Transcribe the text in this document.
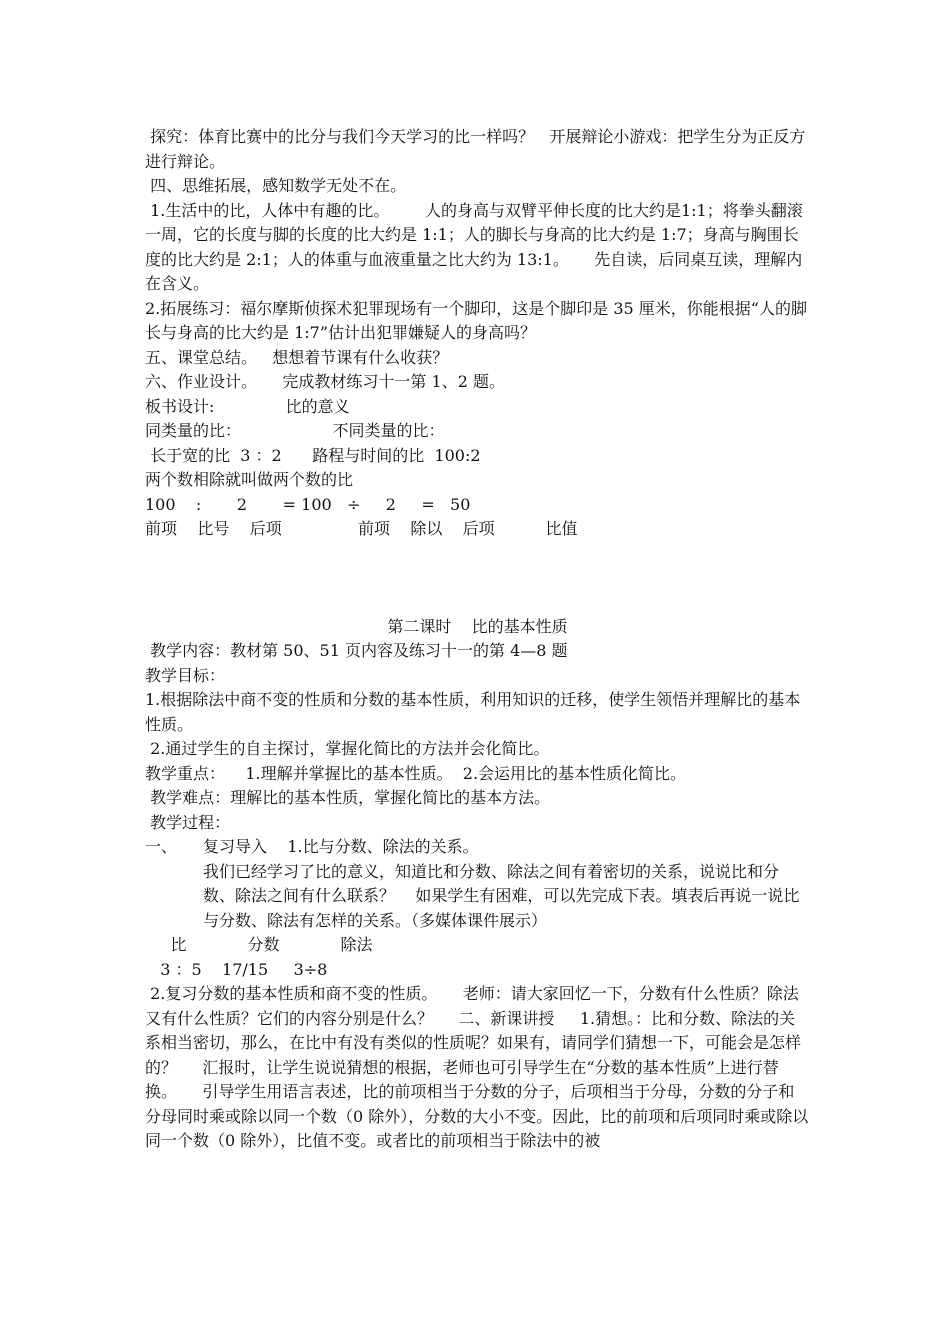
探究：体育比赛中的比分与我们今天学习的比一样吗？   开展辩论小游戏：把学生分为正反方进行辩论。

四、思维拓展，感知数学无处不在。

1.生活中的比，人体中有趣的比。       人的身高与双臂平伸长度的比大约是1:1；将拳头翻滚一周，它的长度与脚的长度的比大约是 1:1；人的脚长与身高的比大约是 1:7；身高与胸围长度的比大约是 2:1；人的体重与血液重量之比大约为 13:1。     先自读，后同桌互读，理解内在含义。

2.拓展练习：福尔摩斯侦探术犯罪现场有一个脚印，这是个脚印是 35 厘米，你能根据“人的脚长与身高的比大约是 1:7”估计出犯罪嫌疑人的身高吗？

五、课堂总结。   想想着节课有什么收获？

六、作业设计。     完成教材练习十一第 1、2 题。

板书设计:              比的意义

同类量的比：                  不同类量的比：

长于宽的比  3 ：2      路程与时间的比  100:2

两个数相除就叫做两个数的比

100    :       2       = 100   ÷     2     =   50

前项    比号    后项               前项    除以    后项          比值

第二课时    比的基本性质

教学内容：教材第 50、51 页内容及练习十一的第 4—8 题

教学目标：

1.根据除法中商不变的性质和分数的基本性质，利用知识的迁移，使学生领悟并理解比的基本性质。

2.通过学生的自主探讨，掌握化简比的方法并会化简比。

教学重点：    1.理解并掌握比的基本性质。  2.会运用比的基本性质化简比。

教学难点：理解比的基本性质，掌握化简比的基本方法。

教学过程：

一、	复习导入    1.比与分数、除法的关系。

我们已经学习了比的意义，知道比和分数、除法之间有着密切的关系，说说比和分数、除法之间有什么联系？    如果学生有困难，可以先完成下表。填表后再说一说比与分数、除法有怎样的关系。（多媒体课件展示）

比            分数            除法

3 ：5    17/15     3÷8

2.复习分数的基本性质和商不变的性质。     老师：请大家回忆一下，分数有什么性质？除法又有什么性质？它们的内容分别是什么？     二、新课讲授     1.猜想。：比和分数、除法的关系相当密切，那么，在比中有没有类似的性质呢？如果有，请同学们猜想一下，可能会是怎样的？     汇报时，让学生说说猜想的根据，老师也可引导学生在“分数的基本性质”上进行替换。     引导学生用语言表述，比的前项相当于分数的分子，后项相当于分母，分数的分子和分母同时乘或除以同一个数（0 除外），分数的大小不变。因此，比的前项和后项同时乘或除以同一个数（0 除外），比值不变。或者比的前项相当于除法中的被
